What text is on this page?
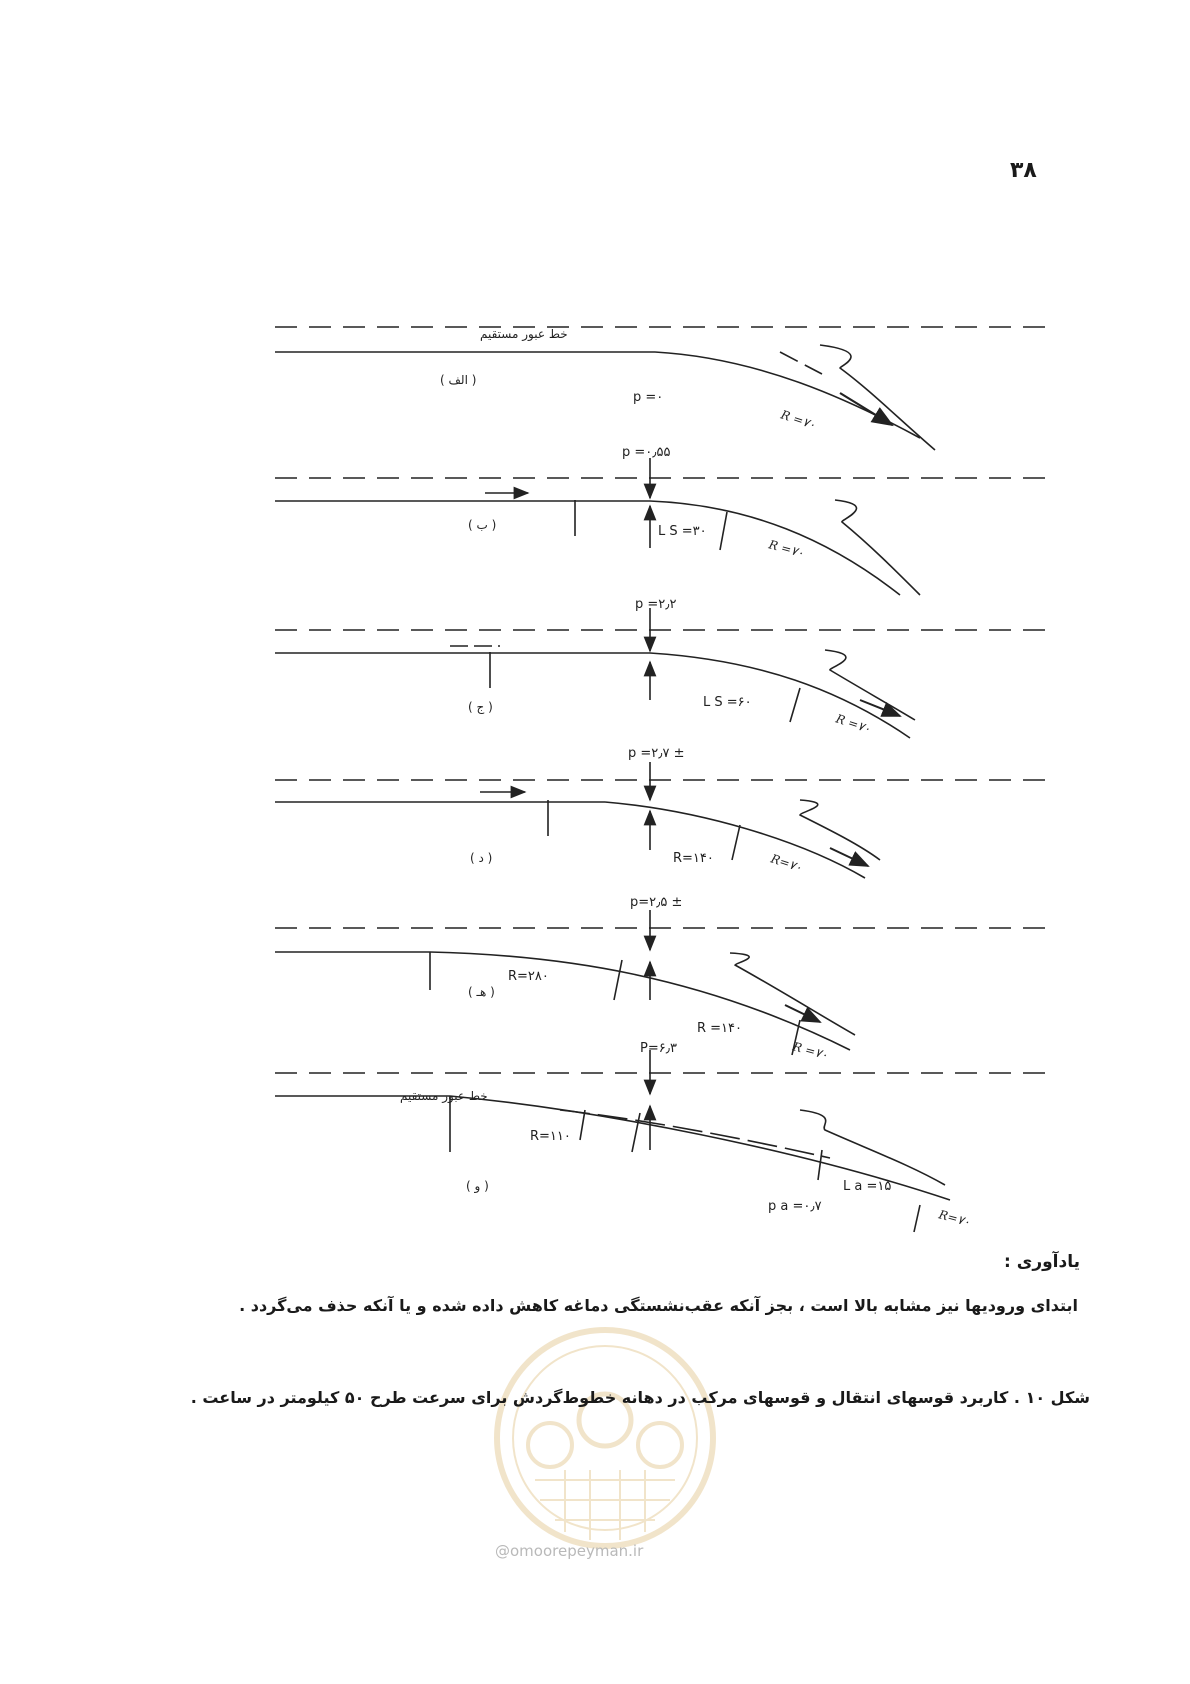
۳۸
خط عبور مستقیم
( الف )
p =۰
R =۷۰
p =۰٫۵۵
( ب )	L S =۳۰
R =۷۰
p =۲٫۲
( ج )	L S =۶۰
R =۷۰
p =۲٫۷ ±
( د )	R=۱۴۰	R=۷۰
p=۲٫۵ ±
( هـ )
R=۲۸۰
R =۱۴۰
R =۷۰
خط عبور مستقیم
P=۶٫۳
R=۱۱۰
( و )
p a =۰٫۷
L a =۱۵
R=۷۰
یادآوری :
ابتدای ورودیها نیز مشابه بالا است ، بجز آنکه عقب‌نشستگی دماغه کاهش داده شده و یا آنکه حذف می‌گردد .
@omoorepeyman.ir
شکل ۱۰ . کاربرد قوسهای انتقال و قوسهای مرکب در دهانه خطوط‌گردش برای سرعت طرح ۵۰ کیلومتر در ساعت .
